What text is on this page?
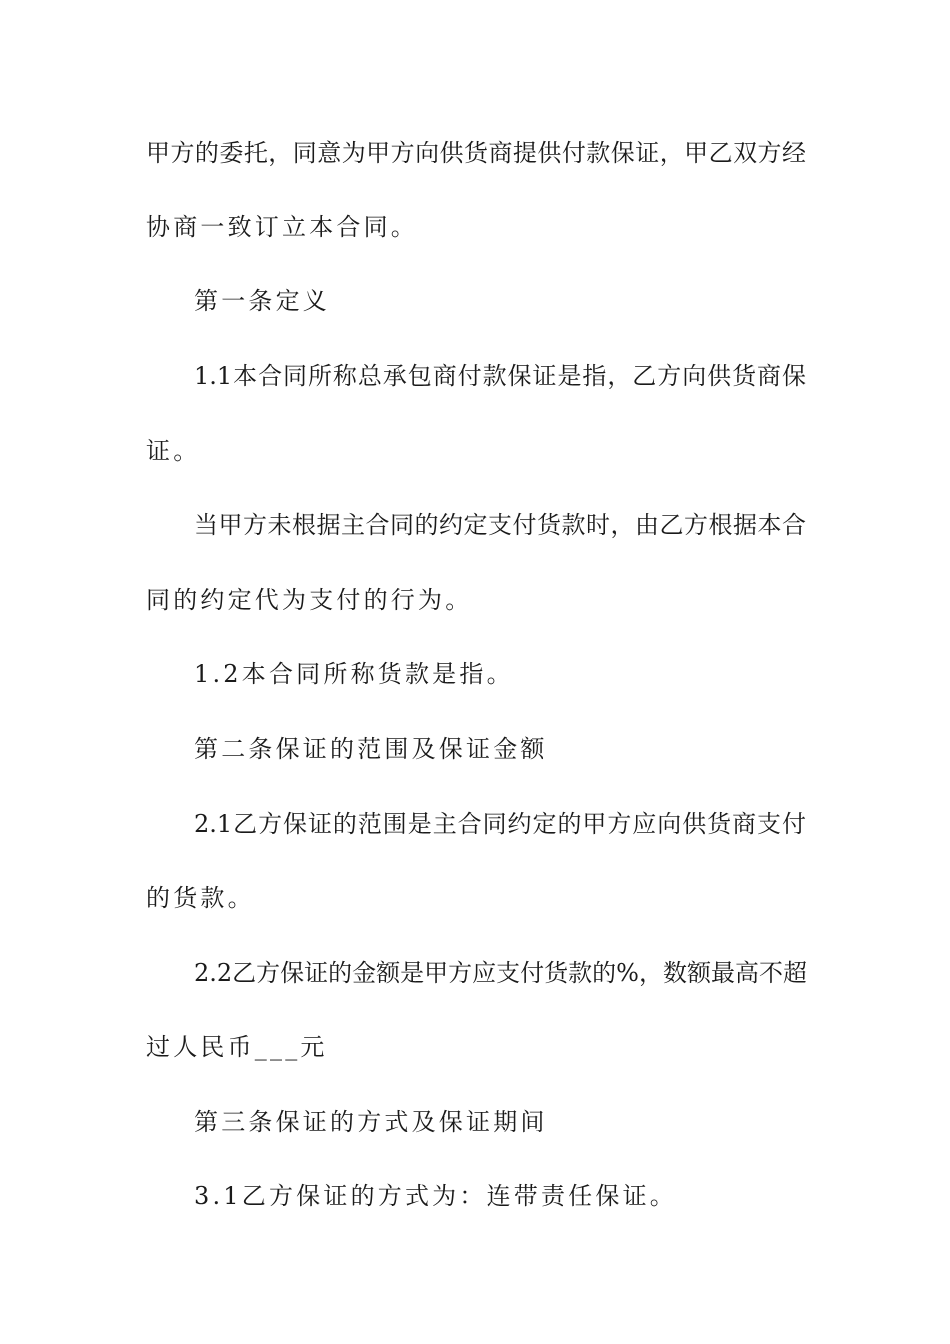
甲方的委托，同意为甲方向供货商提供付款保证，甲乙双方经
协商一致订立本合同。
第一条定义
1.1本合同所称总承包商付款保证是指，乙方向供货商保
证。
当甲方未根据主合同的约定支付货款时，由乙方根据本合
同的约定代为支付的行为。
1.2本合同所称货款是指。
第二条保证的范围及保证金额
2.1乙方保证的范围是主合同约定的甲方应向供货商支付
的货款。
2.2乙方保证的金额是甲方应支付货款的%，数额最高不超
过人民币___元
第三条保证的方式及保证期间
3.1乙方保证的方式为：连带责任保证。
